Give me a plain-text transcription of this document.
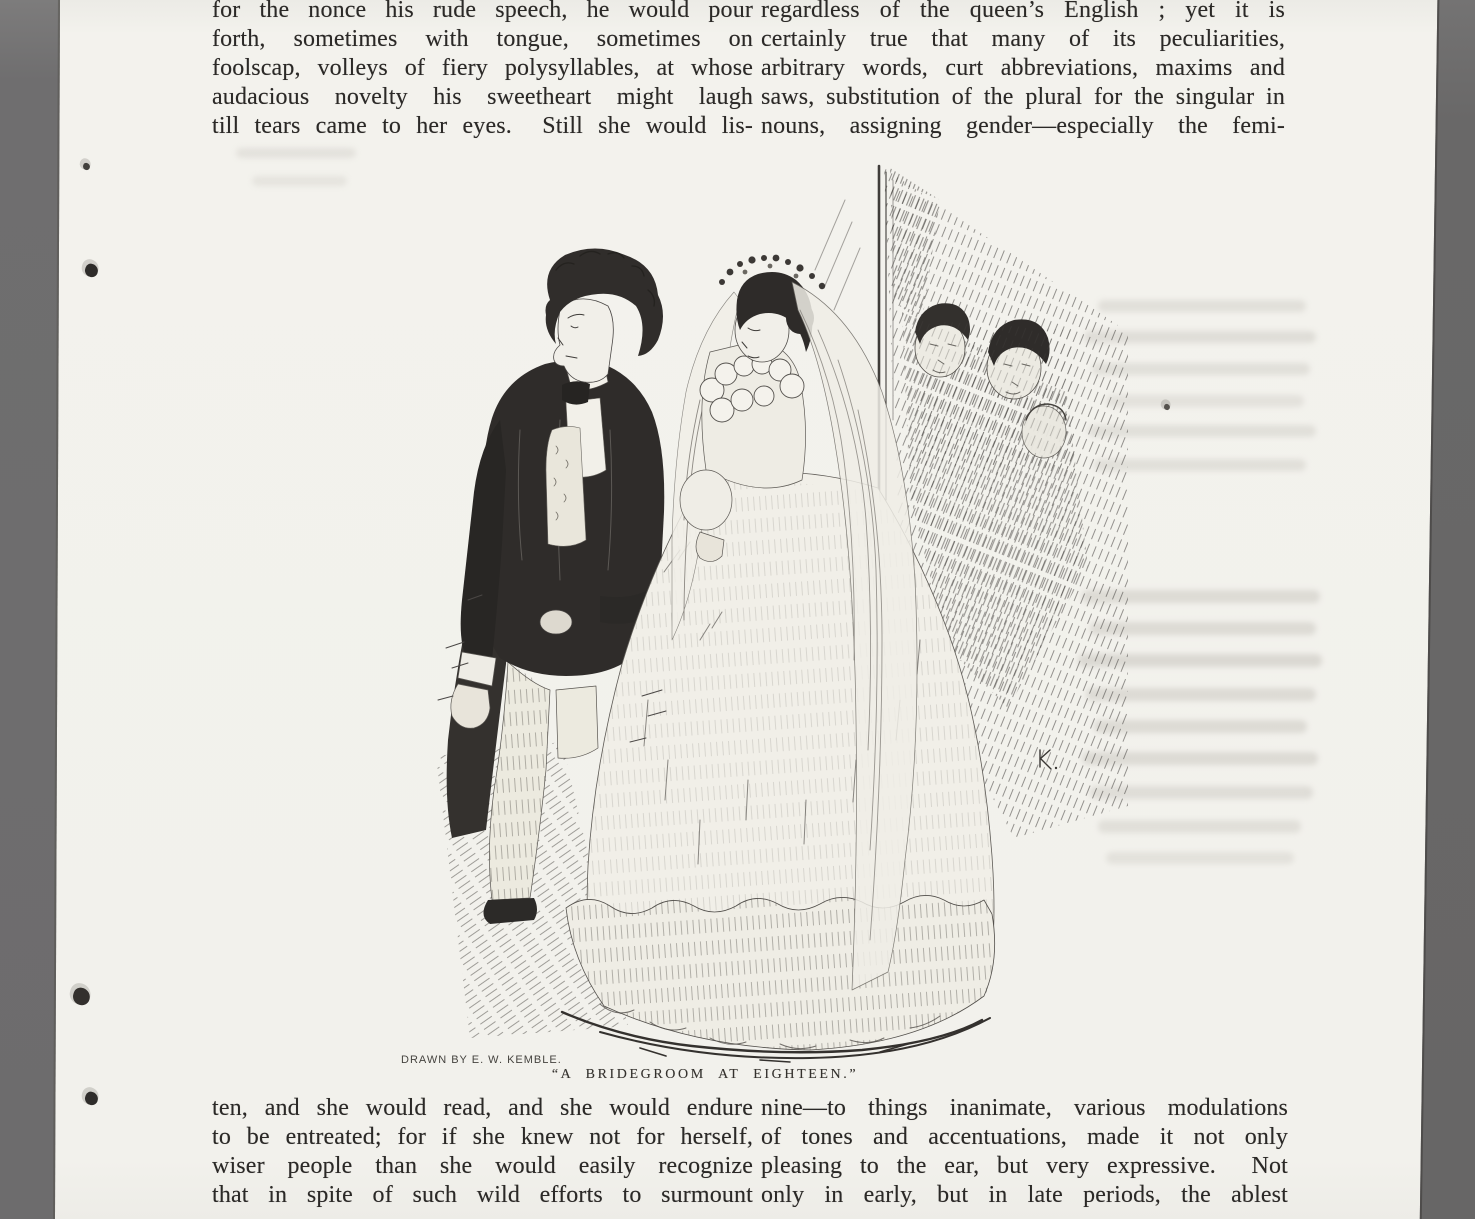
for the nonce his rude speech, he would pour
forth, sometimes with tongue, sometimes on
foolscap, volleys of fiery polysyllables, at whose
audacious novelty his sweetheart might laugh
till tears came to her eyes.  Still she would lis-
regardless of the queen’s English ; yet it is
certainly true that many of its peculiarities,
arbitrary words, curt abbreviations, maxims and
saws, substitution of the plural for the singular in
nouns, assigning gender—especially the femi-
ten, and she would read, and she would endure
to be entreated; for if she knew not for herself,
wiser people than she would easily recognize
that in spite of such wild efforts to surmount
nine—to things inanimate, various modulations
of tones and accentuations, made it not only
pleasing to the ear, but very expressive.  Not
only in early, but in late periods, the ablest
DRAWN BY E. W. KEMBLE.
“A BRIDEGROOM AT EIGHTEEN.”
